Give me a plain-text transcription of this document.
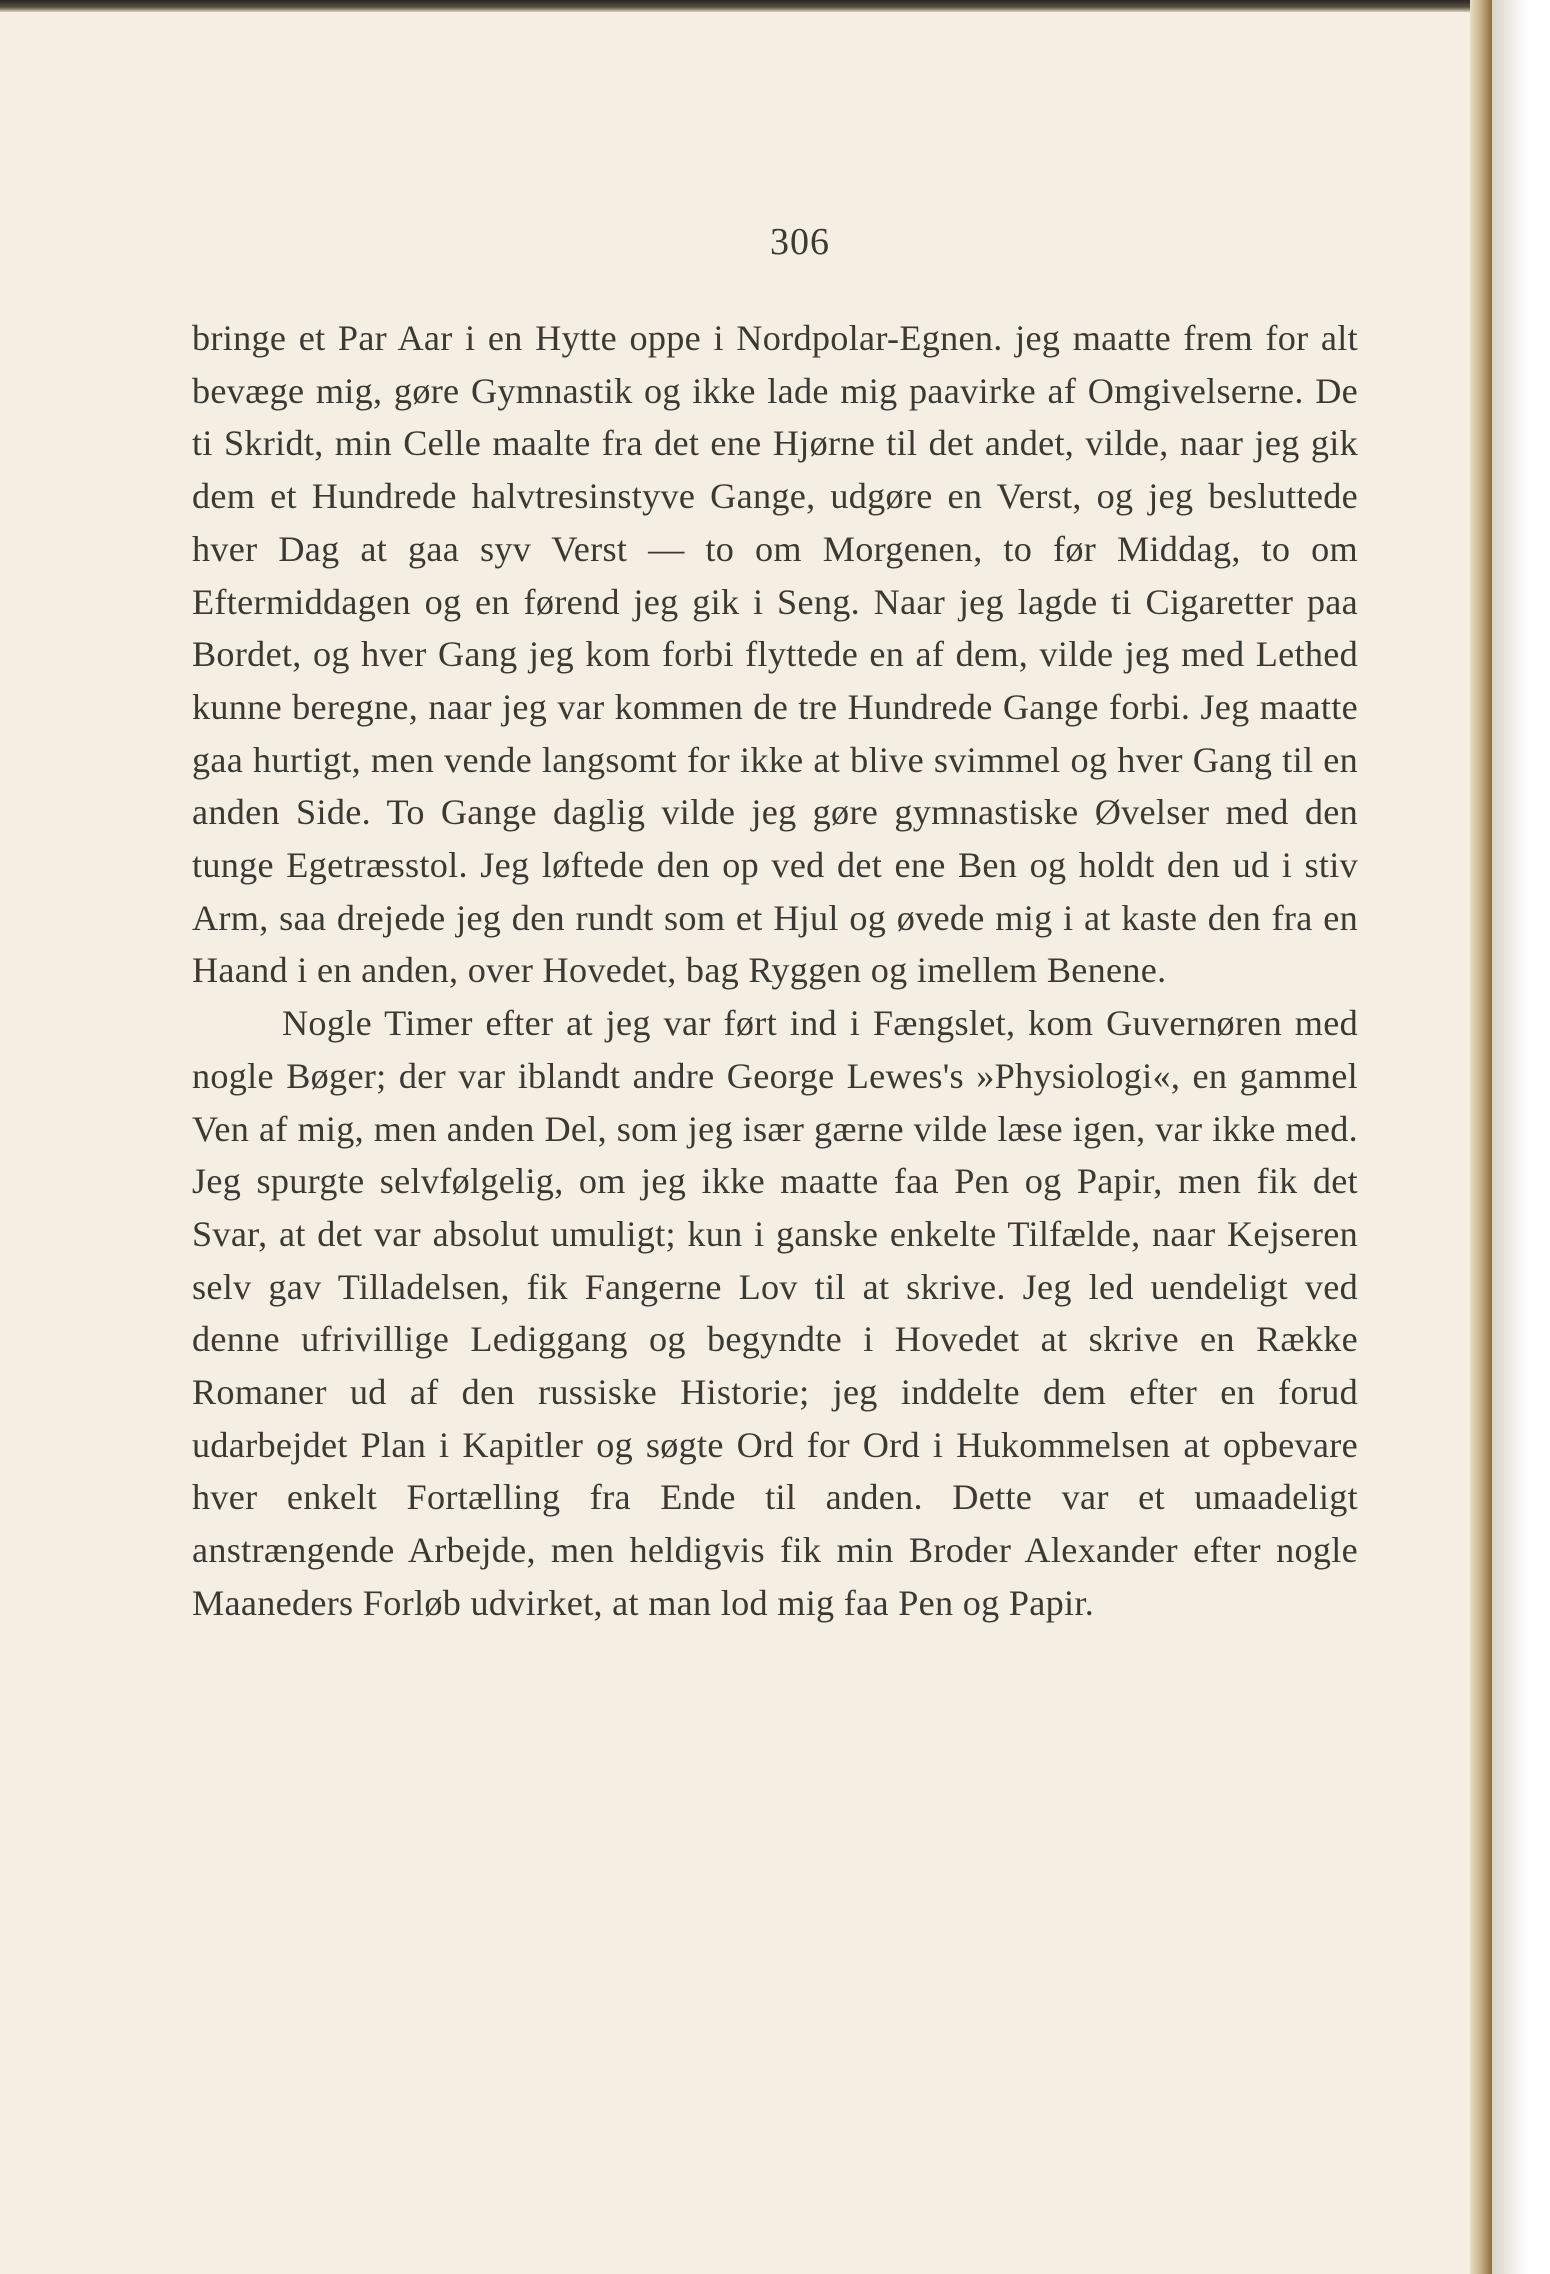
306

bringe et Par Aar i en Hytte oppe i Nordpolar-Egnen. jeg maatte frem for alt bevæge mig, gøre Gymnastik og ikke lade mig paavirke af Omgivelserne. De ti Skridt, min Celle maalte fra det ene Hjørne til det andet, vilde, naar jeg gik dem et Hundrede halvtresinstyve Gange, udgøre en Verst, og jeg besluttede hver Dag at gaa syv Verst — to om Morgenen, to før Middag, to om Eftermiddagen og en førend jeg gik i Seng. Naar jeg lagde ti Cigaretter paa Bordet, og hver Gang jeg kom forbi flyttede en af dem, vilde jeg med Lethed kunne beregne, naar jeg var kommen de tre Hundrede Gange forbi. Jeg maatte gaa hurtigt, men vende langsomt for ikke at blive svimmel og hver Gang til en anden Side. To Gange daglig vilde jeg gøre gymnastiske Øvelser med den tunge Egetræsstol. Jeg løftede den op ved det ene Ben og holdt den ud i stiv Arm, saa drejede jeg den rundt som et Hjul og øvede mig i at kaste den fra en Haand i en anden, over Hovedet, bag Ryggen og imellem Benene.

Nogle Timer efter at jeg var ført ind i Fængslet, kom Guvernøren med nogle Bøger; der var iblandt andre George Lewes's »Physiologi«, en gammel Ven af mig, men anden Del, som jeg især gærne vilde læse igen, var ikke med. Jeg spurgte selvfølgelig, om jeg ikke maatte faa Pen og Papir, men fik det Svar, at det var absolut umuligt; kun i ganske enkelte Tilfælde, naar Kejseren selv gav Tilladelsen, fik Fangerne Lov til at skrive. Jeg led uendeligt ved denne ufrivillige Lediggang og begyndte i Hovedet at skrive en Række Romaner ud af den russiske Historie; jeg inddelte dem efter en forud udarbejdet Plan i Kapitler og søgte Ord for Ord i Hukommelsen at opbevare hver enkelt Fortælling fra Ende til anden. Dette var et umaadeligt anstrængende Arbejde, men heldigvis fik min Broder Alexander efter nogle Maaneders Forløb udvirket, at man lod mig faa Pen og Papir.
